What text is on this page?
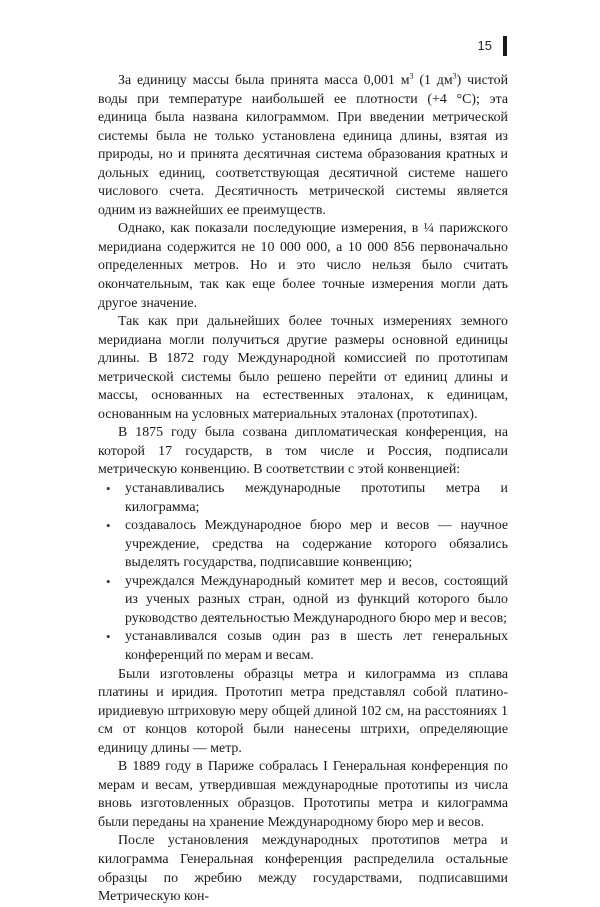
15

За единицу массы была принята масса 0,001 $м^3$ (1 $дм^3$) чистой воды при температуре наибольшей ее плотности (+4 °С); эта единица была названа килограммом. При введении метрической системы была не только установлена единица длины, взятая из природы, но и принята десятичная система образования кратных и дольных единиц, соответствующая десятичной системе нашего числового счета. Десятичность метрической системы является одним из важнейших ее преимуществ.

Однако, как показали последующие измерения, в ¼ парижского меридиана содержится не 10 000 000, а 10 000 856 первоначально определенных метров. Но и это число нельзя было считать окончательным, так как еще более точные измерения могли дать другое значение.

Так как при дальнейших более точных измерениях земного меридиана могли получиться другие размеры основной единицы длины. В 1872 году Международной комиссией по прототипам метрической системы было решено перейти от единиц длины и массы, основанных на естественных эталонах, к единицам, основанным на условных материальных эталонах (прототипах).

В 1875 году была созвана дипломатическая конференция, на которой 17 государств, в том числе и Россия, подписали метрическую конвенцию. В соответствии с этой конвенцией:

• устанавливались международные прототипы метра и килограмма;
• создавалось Международное бюро мер и весов — научное учреждение, средства на содержание которого обязались выделять государства, подписавшие конвенцию;
• учреждался Международный комитет мер и весов, состоящий из ученых разных стран, одной из функций которого было руководство деятельностью Международного бюро мер и весов;
• устанавливался созыв один раз в шесть лет генеральных конференций по мерам и весам.

Были изготовлены образцы метра и килограмма из сплава платины и иридия. Прототип метра представлял собой платино-иридиевую штриховую меру общей длиной 102 см, на расстояниях 1 см от концов которой были нанесены штрихи, определяющие единицу длины — метр.

В 1889 году в Париже собралась I Генеральная конференция по мерам и весам, утвердившая международные прототипы из числа вновь изготовленных образцов. Прототипы метра и килограмма были переданы на хранение Международному бюро мер и весов.

После установления международных прототипов метра и килограмма Генеральная конференция распределила остальные образцы по жребию между государствами, подписавшими Метрическую кон-
